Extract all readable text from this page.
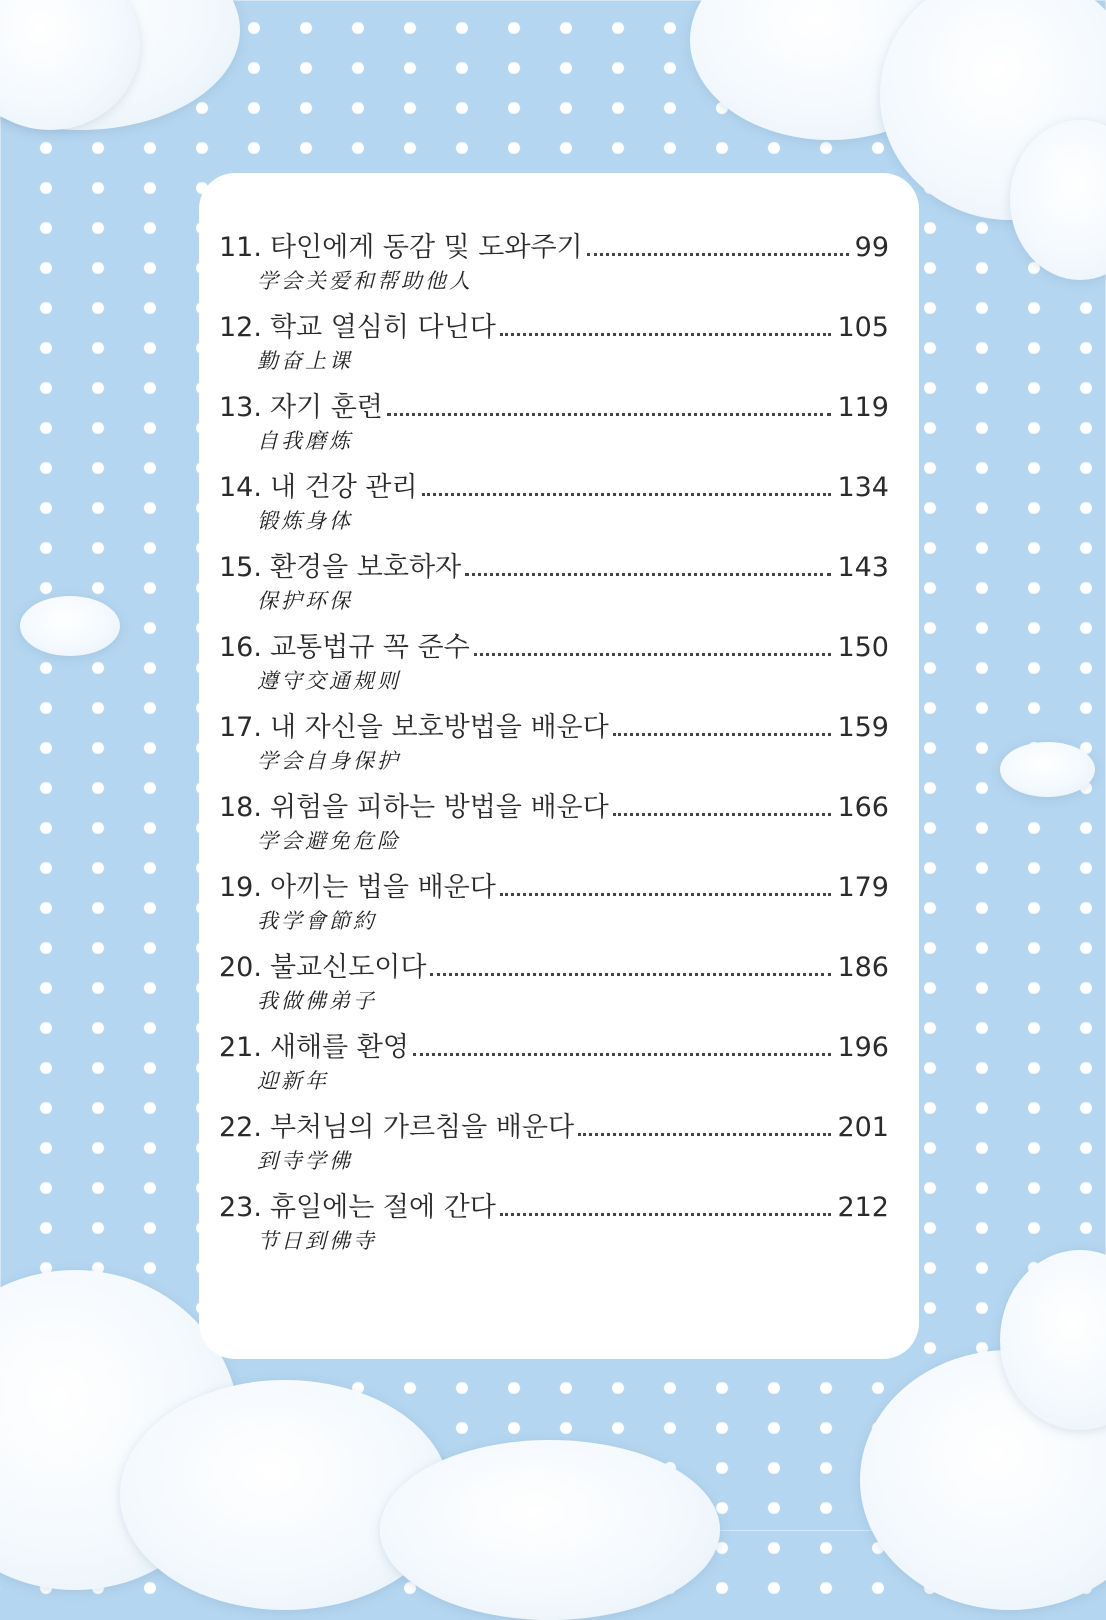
11. 타인에게 동감 및 도와주기	99
学会关爱和帮助他人
12. 학교 열심히 다닌다	105
勤奋上课
13. 자기 훈련	119
自我磨炼
14. 내 건강 관리	134
锻炼身体
15. 환경을 보호하자	143
保护环保
16. 교통법규 꼭 준수	150
遵守交通规则
17. 내 자신을 보호방법을 배운다	159
学会自身保护
18. 위험을 피하는 방법을 배운다	166
学会避免危险
19. 아끼는 법을 배운다	179
我学會節約
20. 불교신도이다	186
我做佛弟子
21. 새해를 환영	196
迎新年
22. 부처님의 가르침을 배운다	201
到寺学佛
23. 휴일에는 절에 간다	212
节日到佛寺
